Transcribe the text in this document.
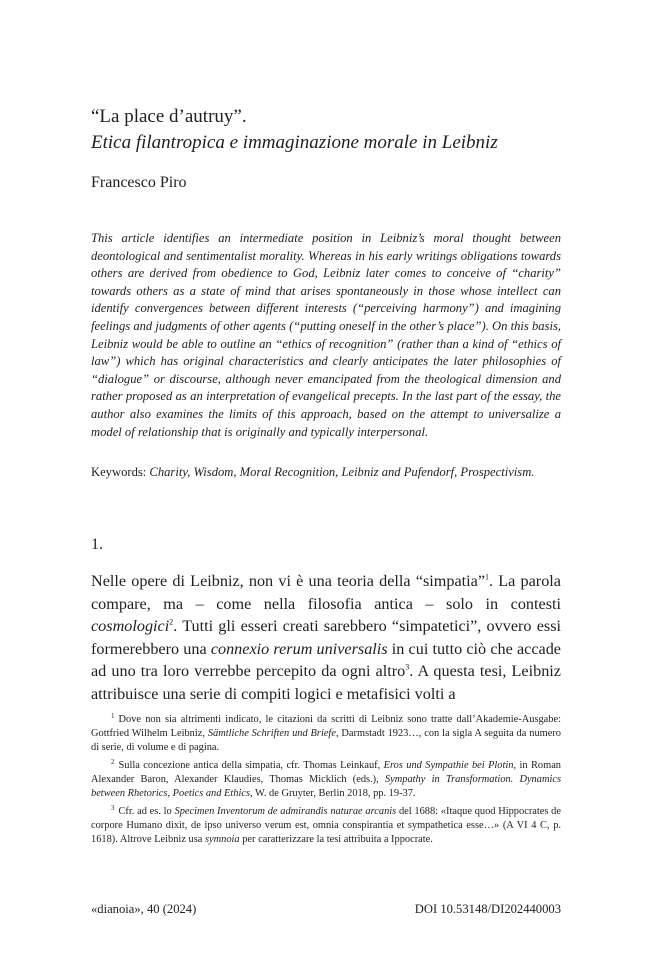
“La place d’autruy”.
Etica filantropica e immaginazione morale in Leibniz
Francesco Piro

This article identifies an intermediate position in Leibniz’s moral thought between deontological and sentimentalist morality. Whereas in his early writings obligations towards others are derived from obedience to God, Leibniz later comes to conceive of “charity” towards others as a state of mind that arises spontaneously in those whose intellect can identify convergences between different interests (“perceiving harmony”) and imagining feelings and judgments of other agents (“putting oneself in the other’s place”). On this basis, Leibniz would be able to outline an “ethics of recognition” (rather than a kind of “ethics of law”) which has original characteristics and clearly anticipates the later philosophies of “dialogue” or discourse, although never emancipated from the theological dimension and rather proposed as an interpretation of evangelical precepts. In the last part of the essay, the author also examines the limits of this approach, based on the attempt to universalize a model of relationship that is originally and typically interpersonal.

Keywords: Charity, Wisdom, Moral Recognition, Leibniz and Pufendorf, Prospectivism.

1.

Nelle opere di Leibniz, non vi è una teoria della “simpatia”$^1$. La parola compare, ma – come nella filosofia antica – solo in contesti cosmologici$^2$. Tutti gli esseri creati sarebbero “simpatetici”, ovvero essi formerebbero una connexio rerum universalis in cui tutto ciò che accade ad uno tra loro verrebbe percepito da ogni altro$^3$. A questa tesi, Leibniz attribuisce una serie di compiti logici e metafisici volti a

$^1$ Dove non sia altrimenti indicato, le citazioni da scritti di Leibniz sono tratte dall’Akademie-Ausgabe: Gottfried Wilhelm Leibniz, Sämtliche Schriften und Briefe, Darmstadt 1923…, con la sigla A seguita da numero di serie, di volume e di pagina.

$^2$ Sulla concezione antica della simpatia, cfr. Thomas Leinkauf, Eros und Sympathie bei Plotin, in Roman Alexander Baron, Alexander Klaudies, Thomas Micklich (eds.), Sympathy in Transformation. Dynamics between Rhetorics, Poetics and Ethics, W. de Gruyter, Berlin 2018, pp. 19-37.

$^3$ Cfr. ad es. lo Specimen Inventorum de admirandis naturae arcanis del 1688: «Itaque quod Hippocrates de corpore Humano dixit, de ipso universo verum est, omnia conspirantia et sympathetica esse…» (A VI 4 C, p. 1618). Altrove Leibniz usa symnoia per caratterizzare la tesi attribuita a Ippocrate.

«dianoia», 40 (2024)	DOI 10.53148/DI202440003
